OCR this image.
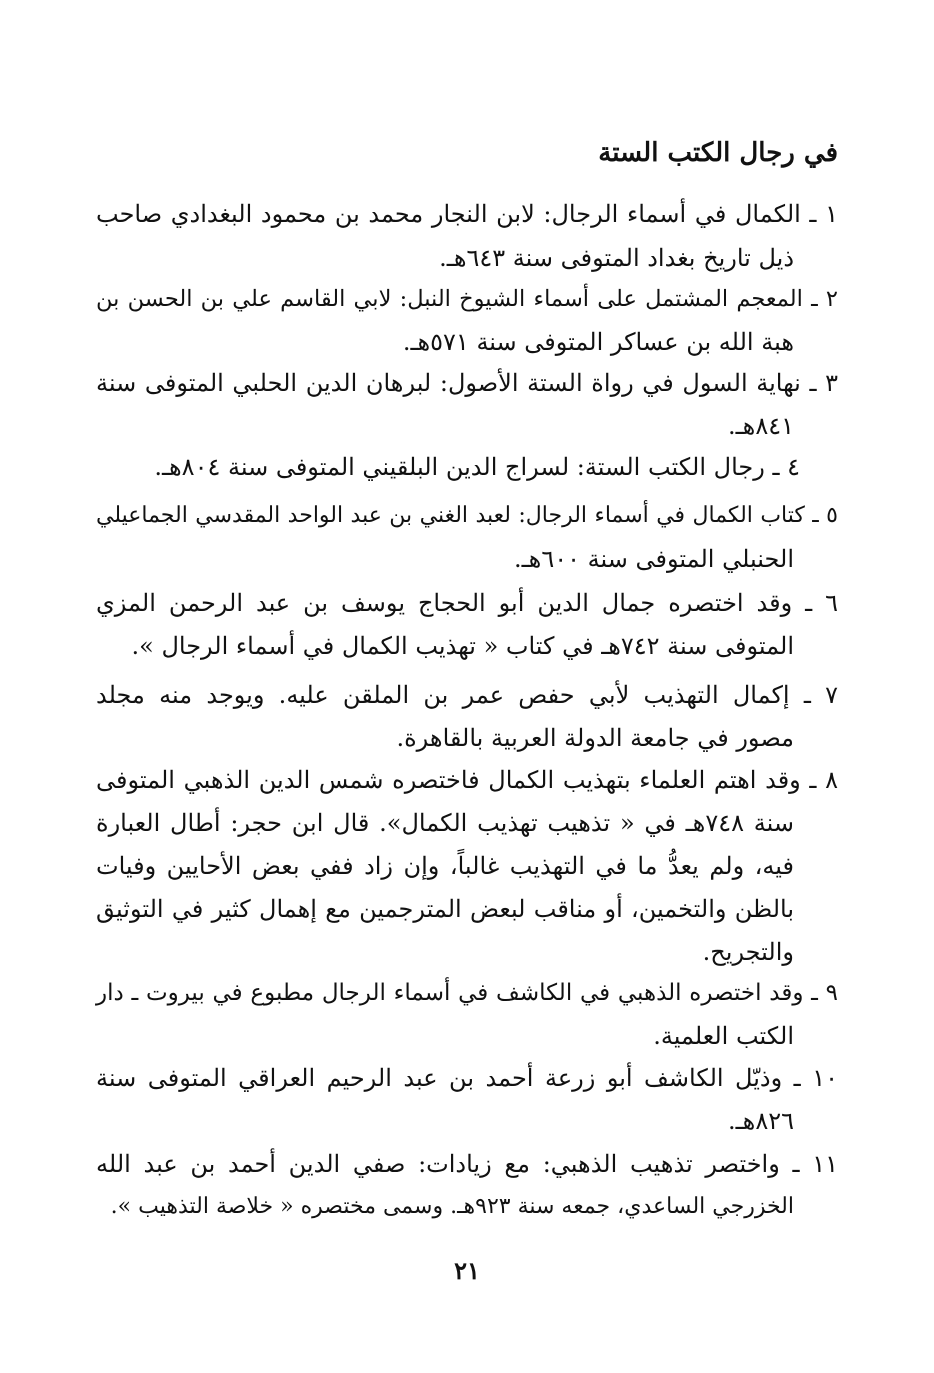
في رجال الكتب الستة
١ ـ الكمال في أسماء الرجال: لابن النجار محمد بن محمود البغدادي صاحب
ذيل تاريخ بغداد المتوفى سنة ٦٤٣هـ.
٢ ـ المعجم المشتمل على أسماء الشيوخ النبل: لابي القاسم علي بن الحسن بن
هبة الله بن عساكر المتوفى سنة ٥٧١هـ.
٣ ـ نهاية السول في رواة الستة الأصول: لبرهان الدين الحلبي المتوفى سنة
٨٤١هـ.
٤ ـ رجال الكتب الستة: لسراج الدين البلقيني المتوفى سنة ٨٠٤هـ.
٥ ـ كتاب الكمال في أسماء الرجال: لعبد الغني بن عبد الواحد المقدسي الجماعيلي
الحنبلي المتوفى سنة ٦٠٠هـ.
٦ ـ وقد اختصره جمال الدين أبو الحجاج يوسف بن عبد الرحمن المزي
المتوفى سنة ٧٤٢هـ في كتاب « تهذيب الكمال في أسماء الرجال ».
٧ ـ إكمال التهذيب لأبي حفص عمر بن الملقن عليه. ويوجد منه مجلد
مصور في جامعة الدولة العربية بالقاهرة.
٨ ـ وقد اهتم العلماء بتهذيب الكمال فاختصره شمس الدين الذهبي المتوفى
سنة ٧٤٨هـ في « تذهيب تهذيب الكمال». قال ابن حجر: أطال العبارة
فيه، ولم يعدُّ ما في التهذيب غالباً، وإن زاد ففي بعض الأحايين وفيات
بالظن والتخمين، أو مناقب لبعض المترجمين مع إهمال كثير في التوثيق
والتجريح.
٩ ـ وقد اختصره الذهبي في الكاشف في أسماء الرجال مطبوع في بيروت ـ دار
الكتب العلمية.
١٠ ـ وذيّل الكاشف أبو زرعة أحمد بن عبد الرحيم العراقي المتوفى سنة
٨٢٦هـ.
١١ ـ واختصر تذهيب الذهبي: مع زيادات: صفي الدين أحمد بن عبد الله
الخزرجي الساعدي، جمعه سنة ٩٢٣هـ. وسمى مختصره « خلاصة التذهيب ».
٢١
